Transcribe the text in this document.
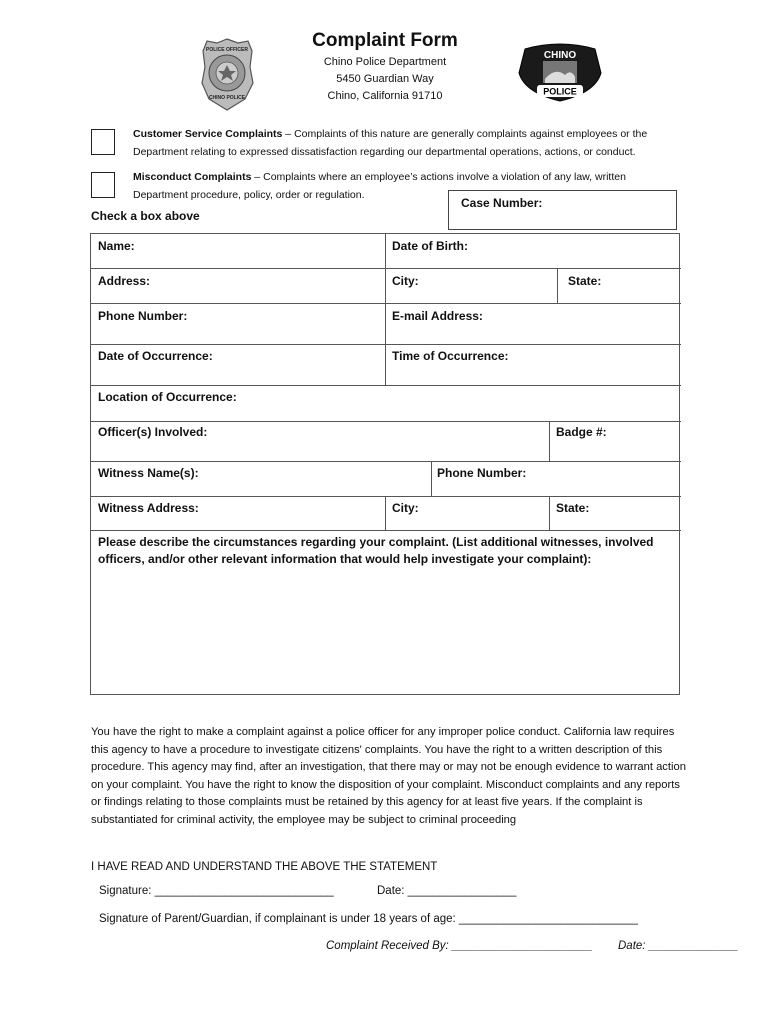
Complaint Form
Chino Police Department
5450 Guardian Way
Chino, California 91710
POLICE OFFICER
CHINO POLICE
CHINO
POLICE
Customer Service Complaints – Complaints of this nature are generally complaints against employees or the Department relating to expressed dissatisfaction regarding our departmental operations, actions, or conduct.
Misconduct Complaints – Complaints where an employee’s actions involve a violation of any law, written Department procedure, policy, order or regulation.
Check a box above
Case Number:
Name:	Date of Birth:
Address:	City:	State:
Phone Number:	E-mail Address:
Date of Occurrence:	Time of Occurrence:
Location of Occurrence:
Officer(s) Involved:	Badge #:
Witness Name(s):	Phone Number:
Witness Address:	City:	State:
Please describe the circumstances regarding your complaint. (List additional witnesses, involved officers, and/or other relevant information that would help investigate your complaint):
You have the right to make a complaint against a police officer for any improper police conduct. California law requires this agency to have a procedure to investigate citizens' complaints. You have the right to a written description of this procedure. This agency may find, after an investigation, that there may or may not be enough evidence to warrant action on your complaint. You have the right to know the disposition of your complaint. Misconduct complaints and any reports or findings relating to those complaints must be retained by this agency for at least five years. If the complaint is substantiated for criminal activity, the employee may be subject to criminal proceeding
I HAVE READ AND UNDERSTAND THE ABOVE THE STATEMENT
Signature: ____________________________	Date: _________________
Signature of Parent/Guardian, if complainant is under 18 years of age: ____________________________
Complaint Received By: ______________________ Date: ______________
